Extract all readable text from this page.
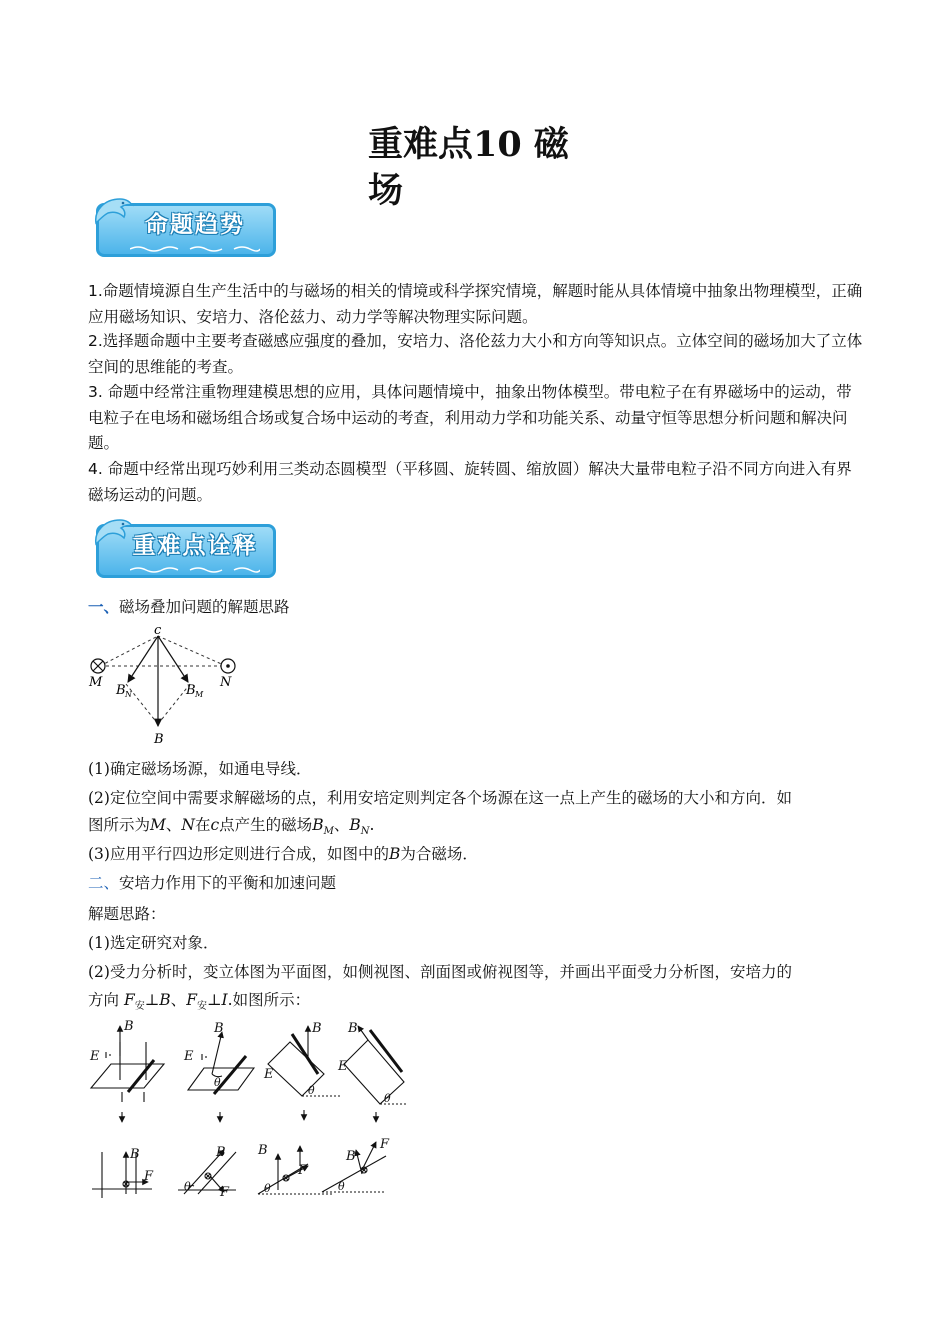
重难点10 磁场
命题趋势

1.命题情境源自生产生活中的与磁场的相关的情境或科学探究情境，解题时能从具体情境中抽象出物理模型，正确应用磁场知识、安培力、洛伦兹力、动力学等解决物理实际问题。

2.选择题命题中主要考查磁感应强度的叠加，安培力、洛伦兹力大小和方向等知识点。立体空间的磁场加大了立体空间的思维能的考查。

3. 命题中经常注重物理建模思想的应用，具体问题情境中，抽象出物体模型。带电粒子在有界磁场中的运动，带电粒子在电场和磁场组合场或复合场中运动的考查，利用动力学和功能关系、动量守恒等思想分析问题和解决问题。

4. 命题中经常出现巧妙利用三类动态圆模型（平移圆、旋转圆、缩放圆）解决大量带电粒子沿不同方向进入有界磁场运动的问题。

重难点诠释
一、磁场叠加问题的解题思路
c
M	N
B N	B M
B
(1)确定磁场场源，如通电导线．
(2)定位空间中需要求解磁场的点，利用安培定则判定各个场源在这一点上产生的磁场的大小和方向．如
图所示为M、N在c点产生的磁场$B_M$、$B_N$.
(3)应用平行四边形定则进行合成，如图中的B为合磁场．
二、安培力作用下的平衡和加速问题
解题思路：
(1)选定研究对象．
(2)受力分析时，变立体图为平面图，如侧视图、剖面图或俯视图等，并画出平面受力分析图，安培力的
方向 $F_安\perp B$、$F_安\perp I$.如图所示：
B
E
B
F
B
E
θ
B
F
θ
B
E
θ
B
F
θ
B
E
θ
B
F
θ
